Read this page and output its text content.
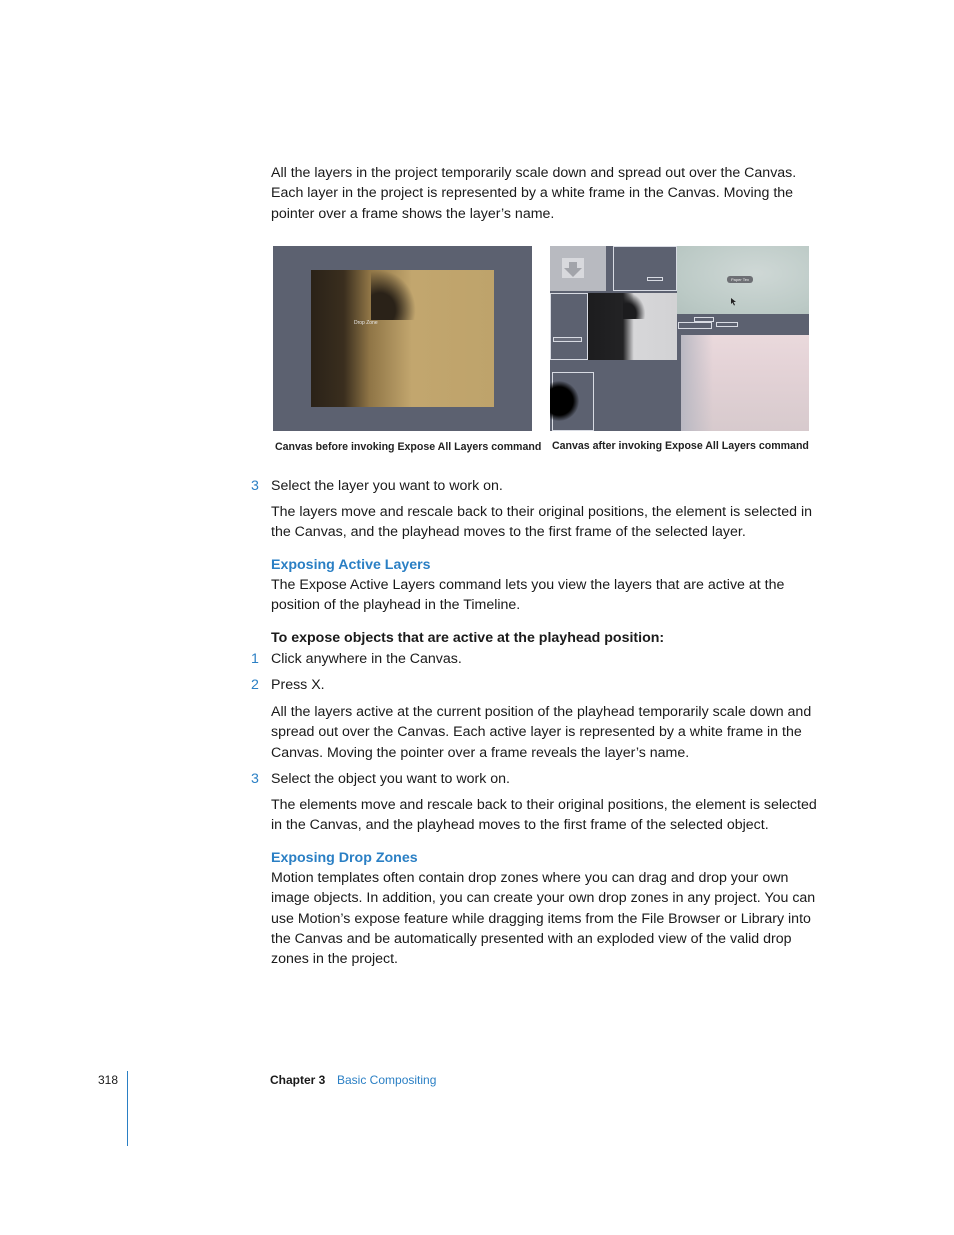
All the layers in the project temporarily scale down and spread out over the Canvas. Each layer in the project is represented by a white frame in the Canvas. Moving the pointer over a frame shows the layer’s name.

Drop Zone
Canvas before invoking Expose All Layers command
Paper Tex
Canvas after invoking Expose All Layers command
3 Select the layer you want to work on.

The layers move and rescale back to their original positions, the element is selected in the Canvas, and the playhead moves to the first frame of the selected layer.

Exposing Active Layers

The Expose Active Layers command lets you view the layers that are active at the position of the playhead in the Timeline.

To expose objects that are active at the playhead position:

1 Click anywhere in the Canvas.

2 Press X.

All the layers active at the current position of the playhead temporarily scale down and spread out over the Canvas. Each active layer is represented by a white frame in the Canvas. Moving the pointer over a frame reveals the layer’s name.

3 Select the object you want to work on.

The elements move and rescale back to their original positions, the element is selected in the Canvas, and the playhead moves to the first frame of the selected object.

Exposing Drop Zones

Motion templates often contain drop zones where you can drag and drop your own image objects. In addition, you can create your own drop zones in any project. You can use Motion’s expose feature while dragging items from the File Browser or Library into the Canvas and be automatically presented with an exploded view of the valid drop zones in the project.

318	Chapter 3 Basic Compositing
